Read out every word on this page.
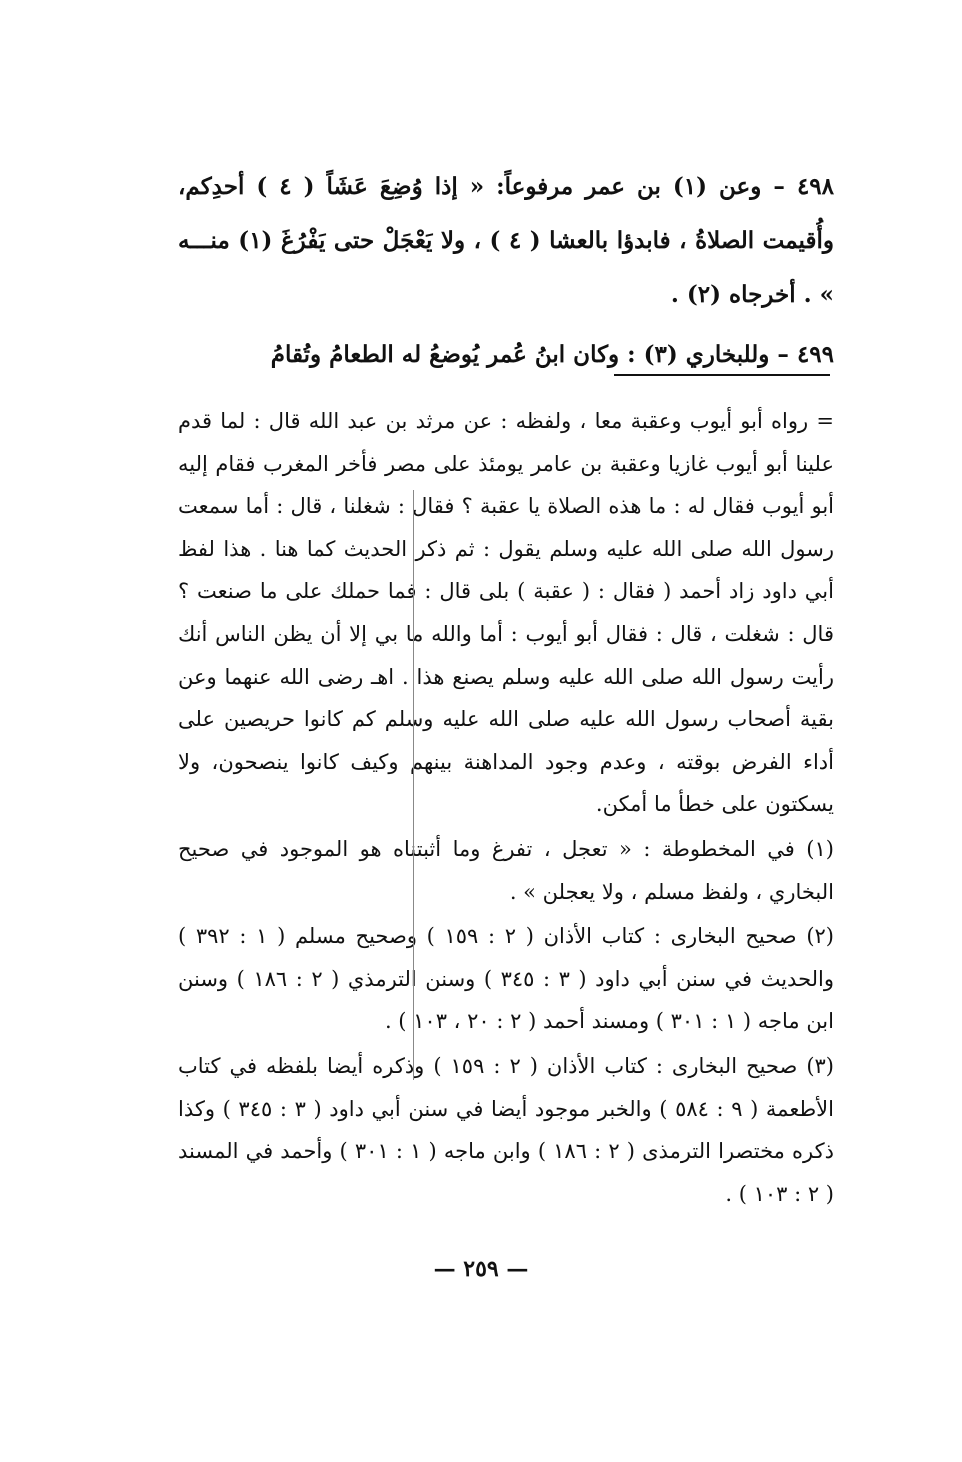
٤٩٨ – وعن (١) بن عمر مرفوعاً: « إذا وُضِعَ عَشَاً ( ٤ ) أحدِكم، وأُقيمت الصلاةُ ، فابدؤا بالعشا ( ٤ ) ، ولا يَعْجَلْ حتى يَفْرُغَ (١) منـــه » . أخرجاه (٢) .

٤٩٩ – وللبخاري (٣) : وكان ابنُ عُمر يُوضعُ له الطعامُ وتُقامُ

= رواه أبو أيوب وعقبة معا ، ولفظه : عن مرثد بن عبد الله قال : لما قدم علينا أبو أيوب غازيا وعقبة بن عامر يومئذ على مصر فأخر المغرب فقام إليه أبو أيوب فقال له : ما هذه الصلاة يا عقبة ؟ فقال : شغلنا ، قال : أما سمعت رسول الله صلى الله عليه وسلم يقول : ثم ذكر الحديث كما هنا . هذا لفظ أبي داود زاد أحمد ( فقال : ( عقبة ) بلى قال : فما حملك على ما صنعت ؟ قال : شغلت ، قال : فقال أبو أيوب : أما والله ما بي إلا أن يظن الناس أنك رأيت رسول الله صلى الله عليه وسلم يصنع هذا . اهـ رضى الله عنهما وعن بقية أصحاب رسول الله عليه صلى الله عليه وسلم كم كانوا حريصين على أداء الفرض بوقته ، وعدم وجود المداهنة بينهم وكيف كانوا ينصحون، ولا يسكتون على خطأ ما أمكن.

(١) في المخطوطة : « تعجل ، تفرغ وما أثبتناه هو الموجود في صحيح البخاري ، ولفظ مسلم ، ولا يعجلن » .

(٢) صحيح البخارى : كتاب الأذان ( ٢ : ١٥٩ ) وصحيح مسلم ( ١ : ٣٩٢ ) والحديث في سنن أبي داود ( ٣ : ٣٤٥ ) وسنن الترمذي ( ٢ : ١٨٦ ) وسنن ابن ماجه ( ١ : ٣٠١ ) ومسند أحمد ( ٢ : ٢٠ ، ١٠٣ ) .

(٣) صحيح البخارى : كتاب الأذان ( ٢ : ١٥٩ ) وذكره أيضا بلفظه في كتاب الأطعمة ( ٩ : ٥٨٤ ) والخبر موجود أيضا في سنن أبي داود ( ٣ : ٣٤٥ ) وكذا ذكره مختصرا الترمذى ( ٢ : ١٨٦ ) وابن ماجه ( ١ : ٣٠١ ) وأحمد في المسند ( ٢ : ١٠٣ ) .

— ٢٥٩ —
